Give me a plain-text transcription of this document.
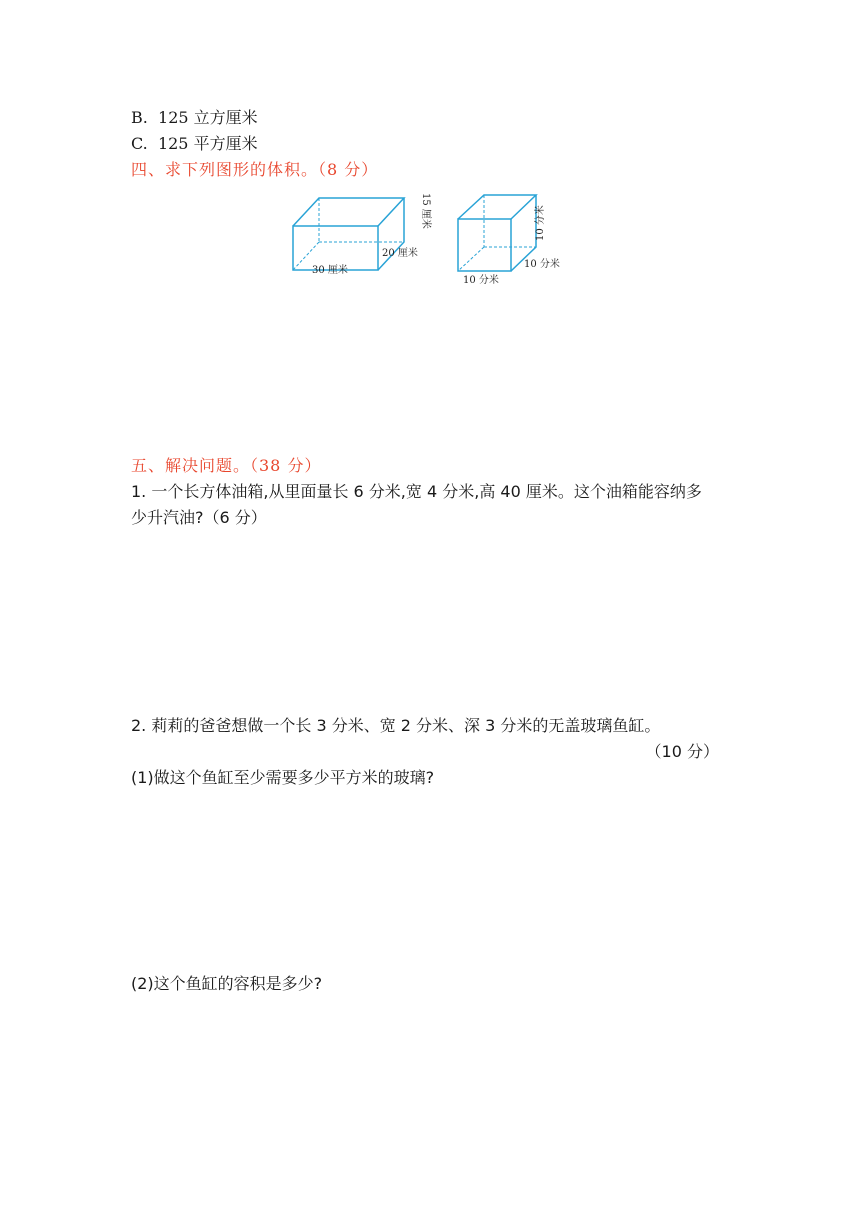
B. 125 立方厘米
C. 125 平方厘米
四、求下列图形的体积。（8 分）
15 厘米
20 厘米
30 厘米
10 分米
10 分米
10 分米
五、解决问题。（38 分）
1. 一个长方体油箱,从里面量长 6 分米,宽 4 分米,高 40 厘米。这个油箱能容纳多
少升汽油?（6 分）
2. 莉莉的爸爸想做一个长 3 分米、宽 2 分米、深 3 分米的无盖玻璃鱼缸。
（10 分）
(1)做这个鱼缸至少需要多少平方米的玻璃?
(2)这个鱼缸的容积是多少?
